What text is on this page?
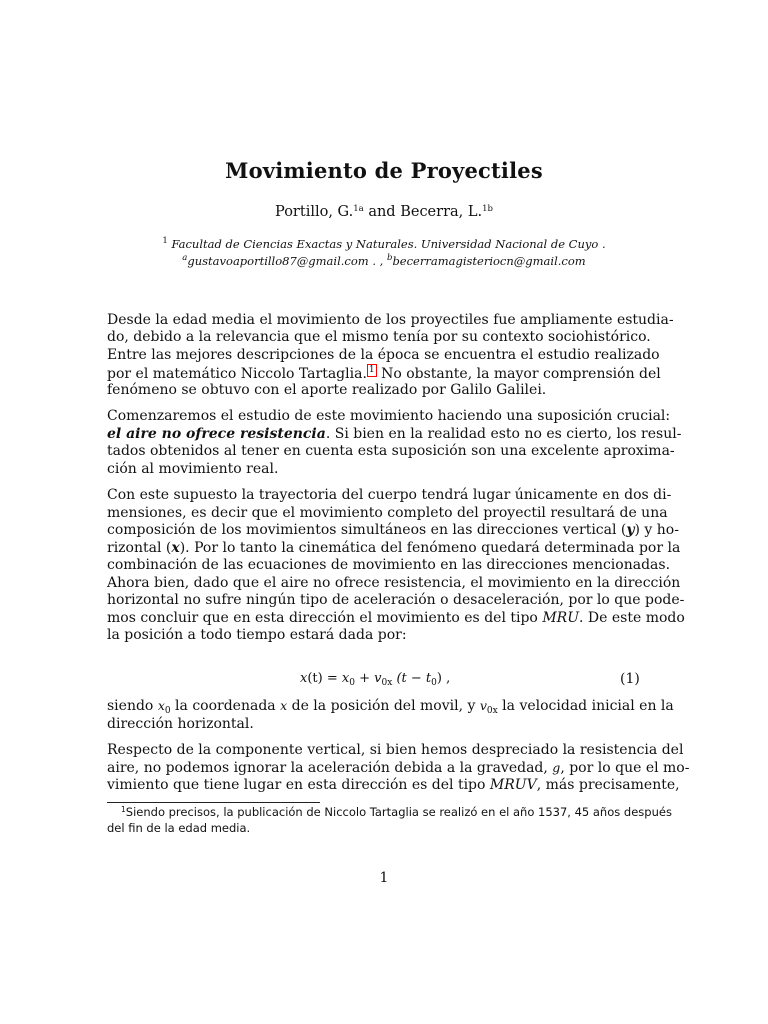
Movimiento de Proyectiles
Portillo, G.$^{1a}$ and Becerra, L.$^{1b}$
$^1$ Facultad de Ciencias Exactas y Naturales. Universidad Nacional de Cuyo .
$^a$gustavoaportillo87@gmail.com . , $^b$becerramagisteriocn@gmail.com
Desde la edad media el movimiento de los proyectiles fue ampliamente estudia-
do, debido a la relevancia que el mismo tenía por su contexto sociohistórico.
Entre las mejores descripciones de la época se encuentra el estudio realizado
por el matemático Niccolo Tartaglia. 1 No obstante, la mayor comprensión del
fenómeno se obtuvo con el aporte realizado por Galilo Galilei.
Comenzaremos el estudio de este movimiento haciendo una suposición crucial:
el aire no ofrece resistencia. Si bien en la realidad esto no es cierto, los resul-
tados obtenidos al tener en cuenta esta suposición son una excelente aproxima-
ción al movimiento real.
Con este supuesto la trayectoria del cuerpo tendrá lugar únicamente en dos di-
mensiones, es decir que el movimiento completo del proyectil resultará de una
composición de los movimientos simultáneos en las direcciones vertical (y) y ho-
rizontal (x). Por lo tanto la cinemática del fenómeno quedará determinada por la
combinación de las ecuaciones de movimiento en las direcciones mencionadas.
Ahora bien, dado que el aire no ofrece resistencia, el movimiento en la dirección
horizontal no sufre ningún tipo de aceleración o desaceleración, por lo que pode-
mos concluir que en esta dirección el movimiento es del tipo MRU. De este modo
la posición a todo tiempo estará dada por:
$x(t) = x_0 + v_{0x}$ $(t - t_0)$ ,	(1)
siendo $x_0$ la coordenada x de la posición del movil, y $v_{0x}$ la velocidad inicial en la
dirección horizontal.
Respecto de la componente vertical, si bien hemos despreciado la resistencia del
aire, no podemos ignorar la aceleración debida a la gravedad, g, por lo que el mo-
vimiento que tiene lugar en esta dirección es del tipo MRUV, más precisamente,
$^1$Siendo precisos, la publicación de Niccolo Tartaglia se realizó en el año 1537, 45 años después
del fin de la edad media.
1
